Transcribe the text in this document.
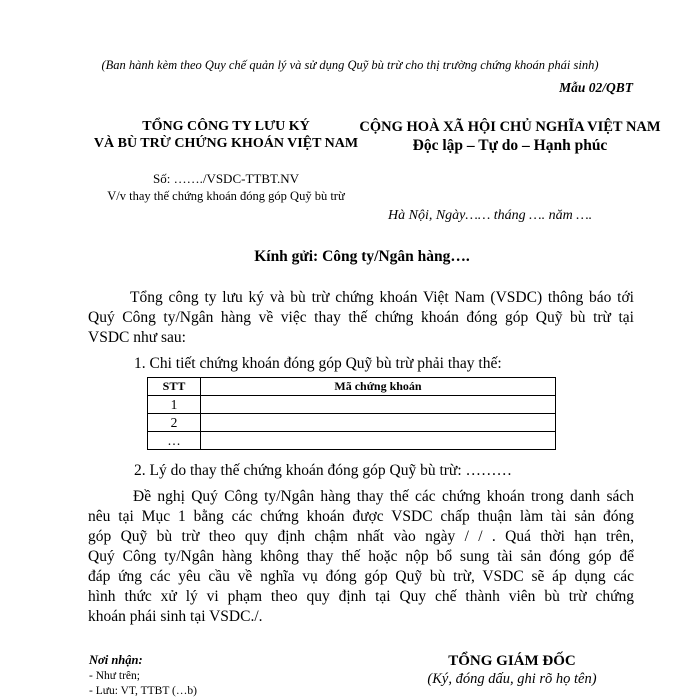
(Ban hành kèm theo Quy chế quản lý và sử dụng Quỹ bù trừ cho thị trường chứng khoán phái sinh)
Mẫu 02/QBT
TỔNG CÔNG TY LƯU KÝ
VÀ BÙ TRỪ CHỨNG KHOÁN VIỆT NAM
Số: ……./VSDC-TTBT.NV
V/v thay thế chứng khoán đóng góp Quỹ bù trừ
CỘNG HOÀ XÃ HỘI CHỦ NGHĨA VIỆT NAM
Độc lập – Tự do – Hạnh phúc
Hà Nội, Ngày…… tháng …. năm ….
Kính gửi: Công ty/Ngân hàng….
Tổng công ty lưu ký và bù trừ chứng khoán Việt Nam (VSDC) thông báo tới
Quý Công ty/Ngân hàng về việc thay thế chứng khoán đóng góp Quỹ bù trừ tại
VSDC như sau:
1. Chi tiết chứng khoán đóng góp Quỹ bù trừ phải thay thế:
STT	Mã chứng khoán
1	
2	
…	
2. Lý do thay thế chứng khoán đóng góp Quỹ bù trừ: ………
Đề nghị Quý Công ty/Ngân hàng thay thế các chứng khoán trong danh sách
nêu tại Mục 1 bằng các chứng khoán được VSDC chấp thuận làm tài sản đóng
góp Quỹ bù trừ theo quy định chậm nhất vào ngày / / . Quá thời hạn trên,
Quý Công ty/Ngân hàng không thay thế hoặc nộp bổ sung tài sản đóng góp để
đáp ứng các yêu cầu về nghĩa vụ đóng góp Quỹ bù trừ, VSDC sẽ áp dụng các
hình thức xử lý vi phạm theo quy định tại Quy chế thành viên bù trừ chứng
khoán phái sinh tại VSDC./.
Nơi nhận:
- Như trên;
- Lưu: VT, TTBT (…b)
TỔNG GIÁM ĐỐC
(Ký, đóng dấu, ghi rõ họ tên)
